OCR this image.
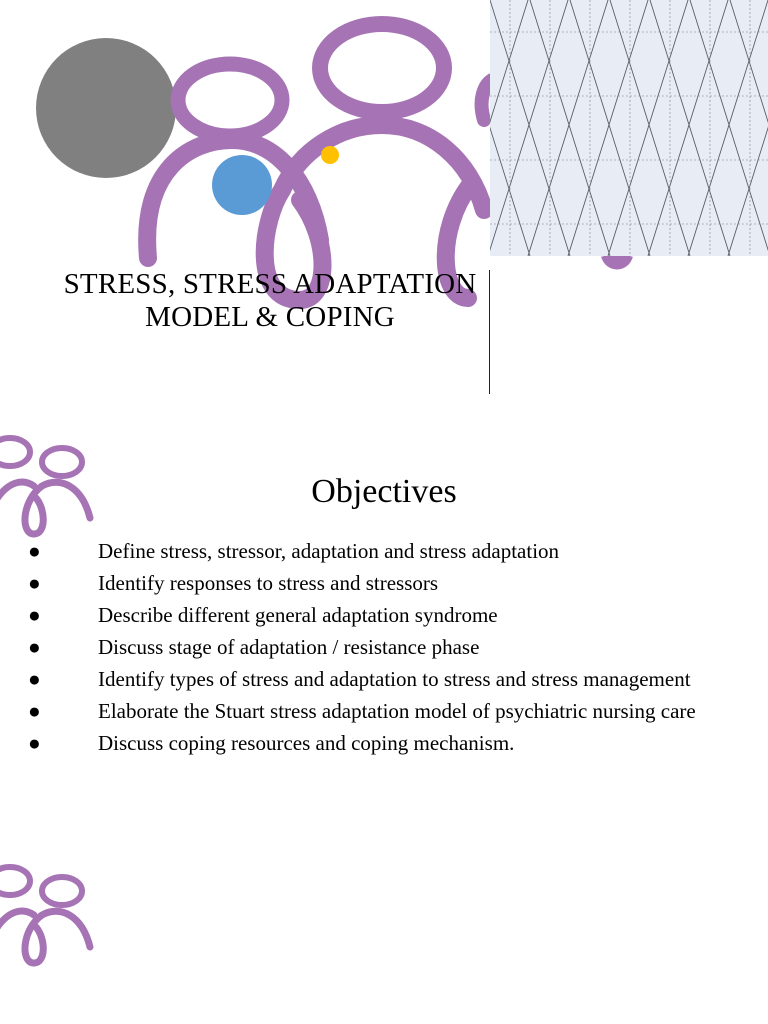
STRESS, STRESS ADAPTATION
MODEL & COPING
Objectives
●	Define stress, stressor, adaptation and stress adaptation
●	Identify responses to stress and stressors
●	Describe different general adaptation syndrome
●	Discuss stage of adaptation / resistance phase
●	Identify types of stress and adaptation to stress and stress management
●	Elaborate the Stuart stress adaptation model of psychiatric nursing care
●	Discuss coping resources and coping mechanism.
